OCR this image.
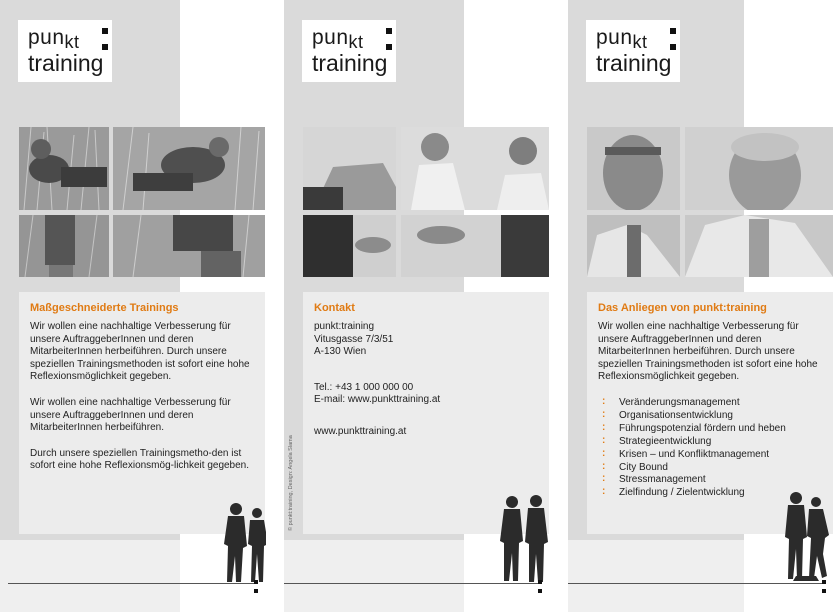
punkt
training
Maßgeschneiderte Trainings

Wir wollen eine nachhaltige Verbesserung für unsere AuftraggeberInnen und deren MitarbeiterInnen herbeiführen. Durch unsere speziellen Trainingsmethoden ist sofort eine hohe Reflexionsmöglichkeit gegeben.

Wir wollen eine nachhaltige Verbesserung für unsere AuftraggeberInnen und deren MitarbeiterInnen herbeiführen.

Durch unsere speziellen Trainingsmetho-den ist sofort eine hohe Reflexionsmög-lichkeit gegeben.

punkt
training
Kontakt
punkt:training
Vitusgasse 7/3/51
A-130 Wien
Tel.: +43 1 000 000 00
E-mail: www.punkttraining.at
www.punkttraining.at
© punkt:training, Design: Angela Slama
punkt
training
Das Anliegen von punkt:training

Wir wollen eine nachhaltige Verbesserung für unsere AuftraggeberInnen und deren MitarbeiterInnen herbeiführen. Durch unsere speziellen Trainingsmethoden ist sofort eine hohe Reflexionsmöglichkeit gegeben.

: Veränderungsmanagement
: Organisationsentwicklung
: Führungspotenzial fördern und heben
: Strategieentwicklung
: Krisen – und Konfliktmanagement
: City Bound
: Stressmanagement
: Zielfindung / Zielentwicklung
